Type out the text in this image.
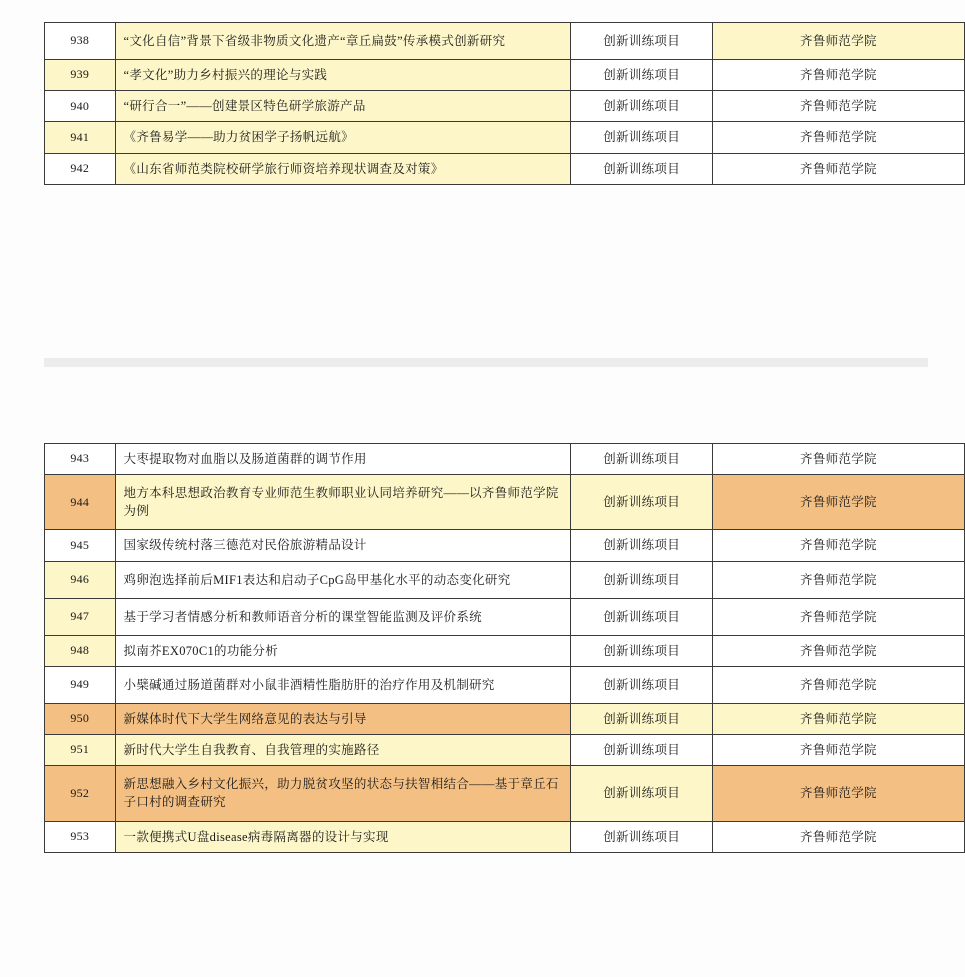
938	“文化自信”背景下省级非物质文化遗产“章丘扁鼓”传承模式创新研究	创新训练项目	齐鲁师范学院
939	“孝文化”助力乡村振兴的理论与实践	创新训练项目	齐鲁师范学院
940	“研行合一”——创建景区特色研学旅游产品	创新训练项目	齐鲁师范学院
941	《齐鲁易学——助力贫困学子扬帆远航》	创新训练项目	齐鲁师范学院
942	《山东省师范类院校研学旅行师资培养现状调查及对策》	创新训练项目	齐鲁师范学院
943	大枣提取物对血脂以及肠道菌群的调节作用	创新训练项目	齐鲁师范学院
944	地方本科思想政治教育专业师范生教师职业认同培养研究——以齐鲁师范学院为例	创新训练项目	齐鲁师范学院
945	国家级传统村落三德范对民俗旅游精品设计	创新训练项目	齐鲁师范学院
946	鸡卵泡选择前后MIF1表达和启动子CpG岛甲基化水平的动态变化研究	创新训练项目	齐鲁师范学院
947	基于学习者情感分析和教师语音分析的课堂智能监测及评价系统	创新训练项目	齐鲁师范学院
948	拟南芥EX070C1的功能分析	创新训练项目	齐鲁师范学院
949	小檗碱通过肠道菌群对小鼠非酒精性脂肪肝的治疗作用及机制研究	创新训练项目	齐鲁师范学院
950	新媒体时代下大学生网络意见的表达与引导	创新训练项目	齐鲁师范学院
951	新时代大学生自我教育、自我管理的实施路径	创新训练项目	齐鲁师范学院
952	新思想融入乡村文化振兴，助力脱贫攻坚的状态与扶智相结合——基于章丘石子口村的调查研究	创新训练项目	齐鲁师范学院
953	一款便携式U盘disease病毒隔离器的设计与实现	创新训练项目	齐鲁师范学院
